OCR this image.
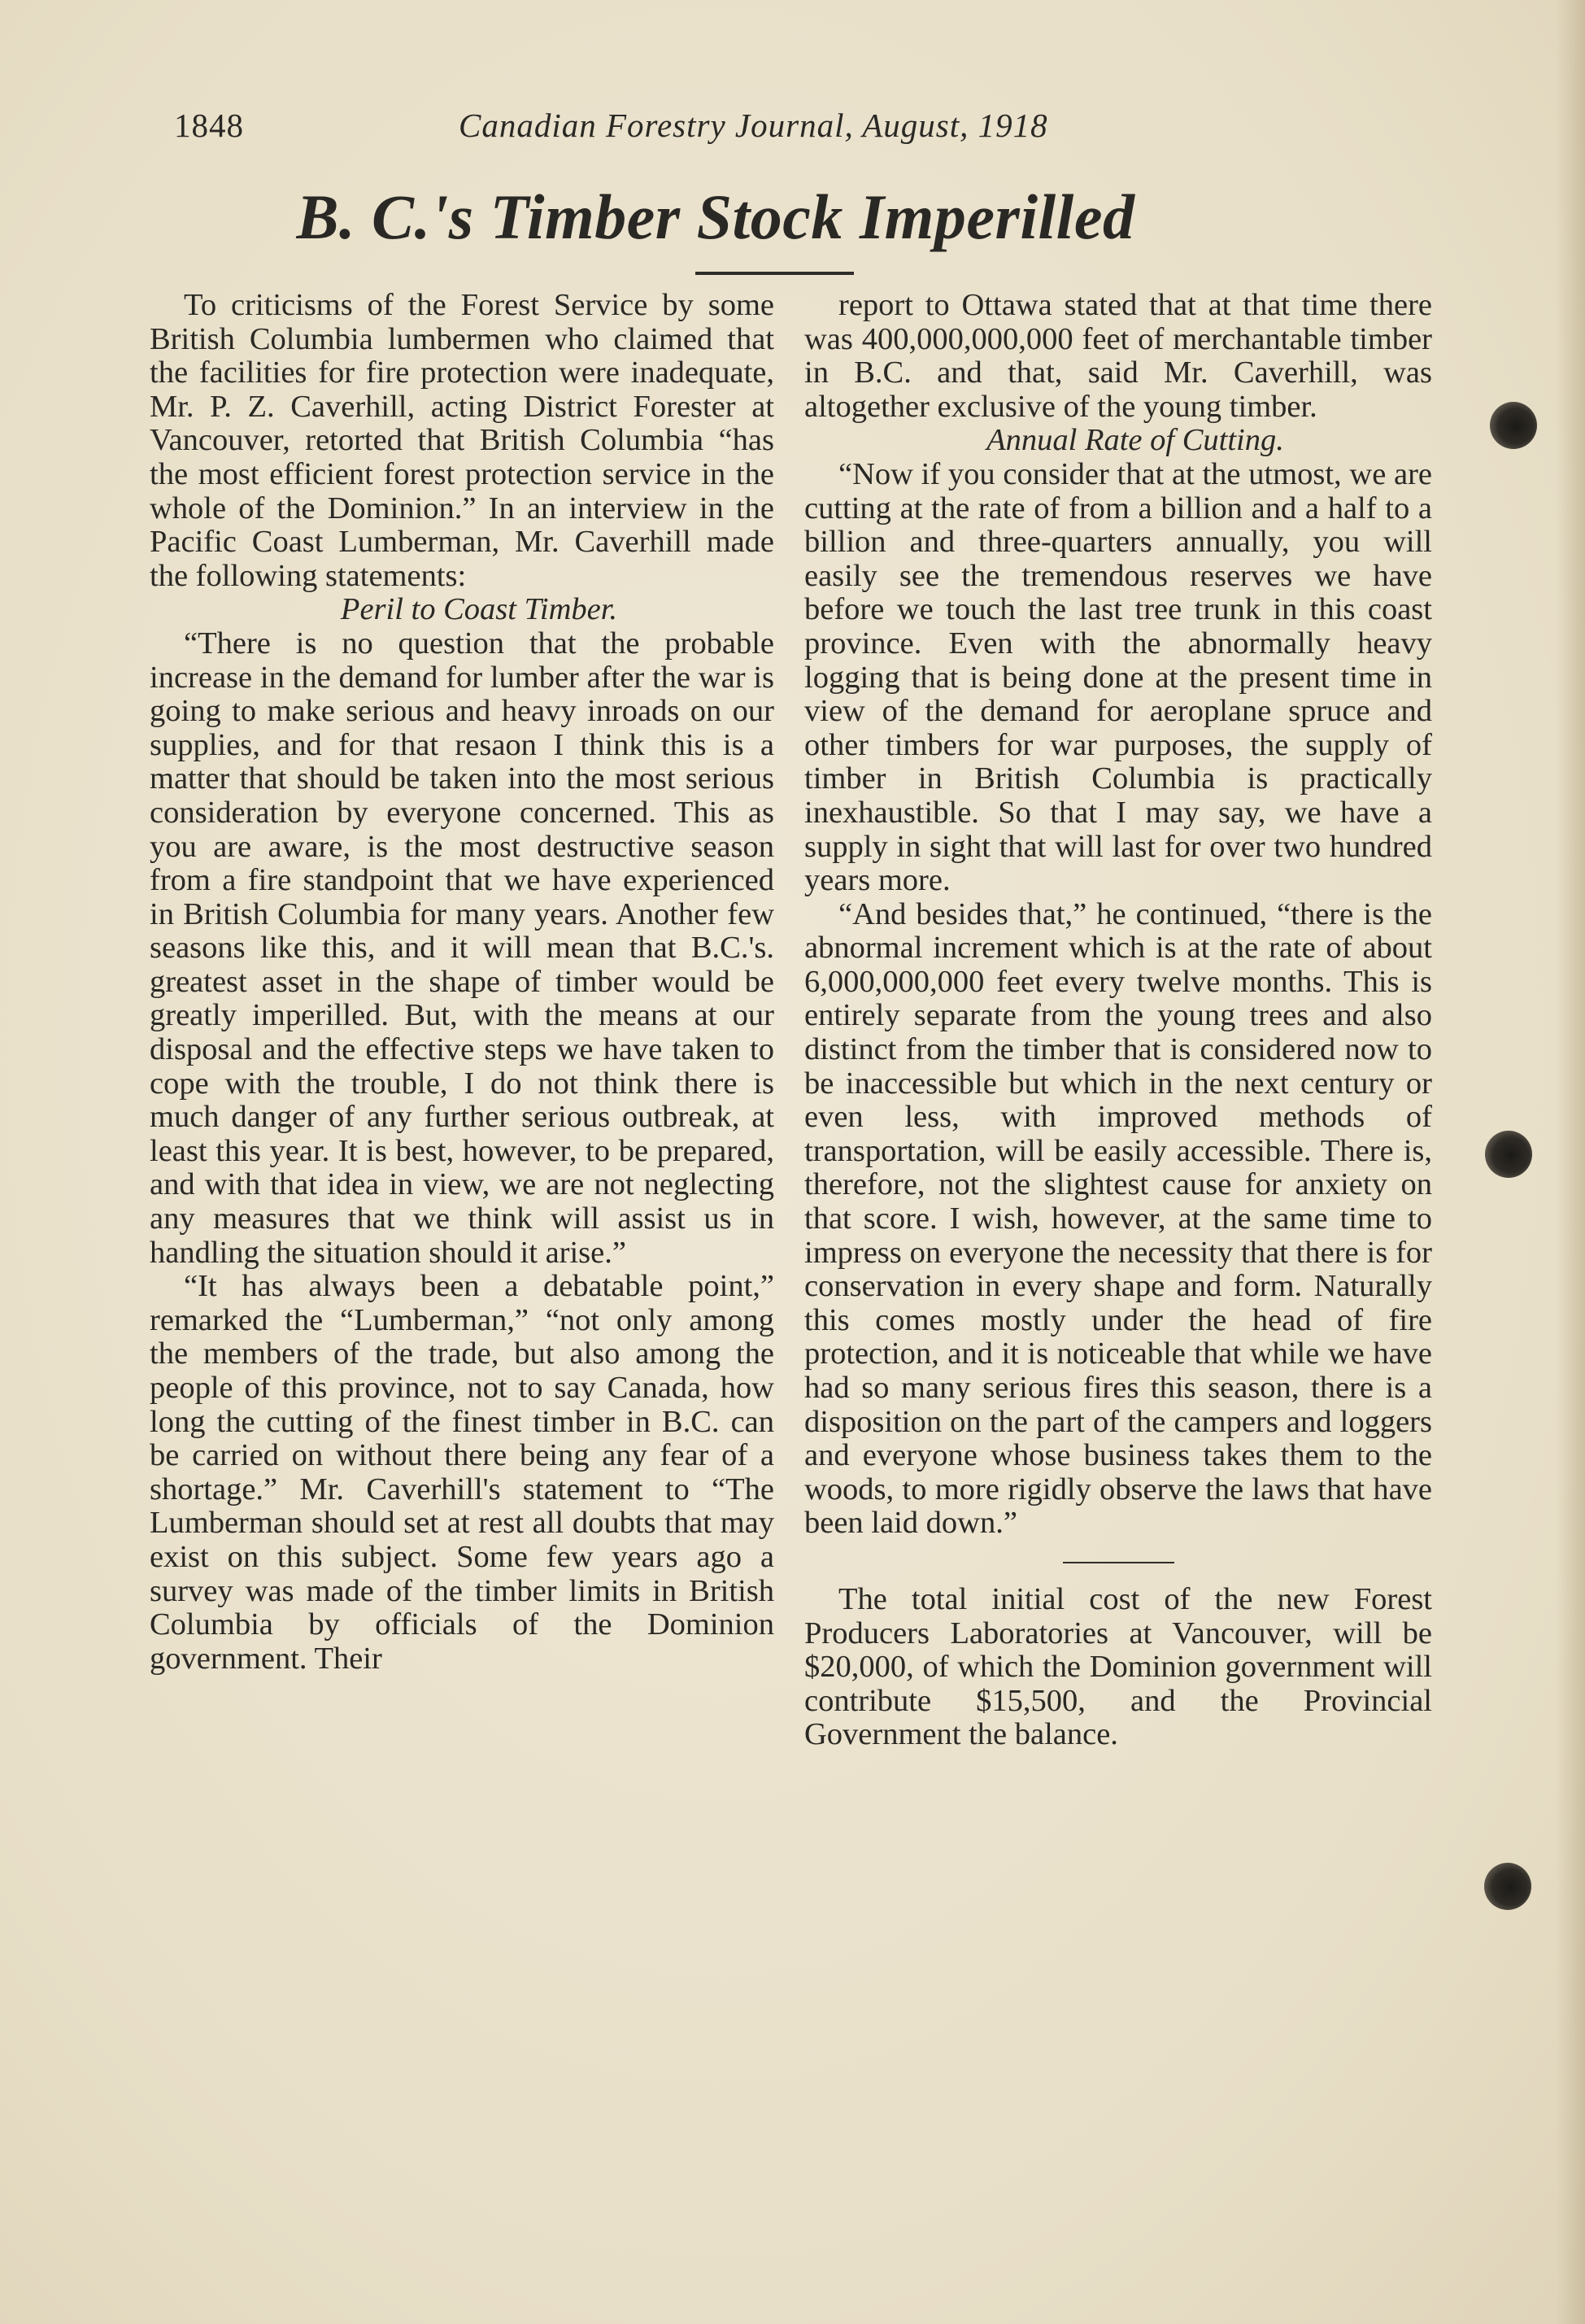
1848	Canadian Forestry Journal, August, 1918
B. C.'s Timber Stock Imperilled

To criticisms of the Forest Service by some British Columbia lumbermen who claimed that the facilities for fire protection were inadequate, Mr. P. Z. Caverhill, acting District Forester at Vancouver, retorted that British Columbia “has the most efficient forest protection service in the whole of the Dominion.” In an interview in the Pacific Coast Lumberman, Mr. Caverhill made the following statements:

Peril to Coast Timber.

“There is no question that the probable increase in the demand for lumber after the war is going to make serious and heavy inroads on our supplies, and for that resaon I think this is a matter that should be taken into the most serious consideration by everyone concerned. This as you are aware, is the most destructive season from a fire standpoint that we have experienced in British Columbia for many years. Another few seasons like this, and it will mean that B.C.'s. greatest asset in the shape of timber would be greatly imperilled. But, with the means at our disposal and the effective steps we have taken to cope with the trouble, I do not think there is much danger of any further serious outbreak, at least this year. It is best, however, to be prepared, and with that idea in view, we are not neglecting any measures that we think will assist us in handling the situation should it arise.”

“It has always been a debatable point,” remarked the “Lumberman,” “not only among the members of the trade, but also among the people of this province, not to say Canada, how long the cutting of the finest timber in B.C. can be carried on without there being any fear of a shortage.” Mr. Caverhill's statement to “The Lumberman should set at rest all doubts that may exist on this subject. Some few years ago a survey was made of the timber limits in British Columbia by officials of the Dominion government. Their

report to Ottawa stated that at that time there was 400,000,000,000 feet of merchantable timber in B.C. and that, said Mr. Caverhill, was altogether exclusive of the young timber.

Annual Rate of Cutting.

“Now if you consider that at the utmost, we are cutting at the rate of from a billion and a half to a billion and three-quarters annually, you will easily see the tremendous reserves we have before we touch the last tree trunk in this coast province. Even with the abnormally heavy logging that is being done at the present time in view of the demand for aeroplane spruce and other timbers for war purposes, the supply of timber in British Columbia is practically inexhaustible. So that I may say, we have a supply in sight that will last for over two hundred years more.

“And besides that,” he continued, “there is the abnormal increment which is at the rate of about 6,000,000,000 feet every twelve months. This is entirely separate from the young trees and also distinct from the timber that is considered now to be inaccessible but which in the next century or even less, with improved methods of transportation, will be easily accessible. There is, therefore, not the slightest cause for anxiety on that score. I wish, however, at the same time to impress on everyone the necessity that there is for conservation in every shape and form. Naturally this comes mostly under the head of fire protection, and it is noticeable that while we have had so many serious fires this season, there is a disposition on the part of the campers and loggers and everyone whose business takes them to the woods, to more rigidly observe the laws that have been laid down.”

The total initial cost of the new Forest Producers Laboratories at Vancouver, will be $20,000, of which the Dominion government will contribute $15,500, and the Provincial Government the balance.
